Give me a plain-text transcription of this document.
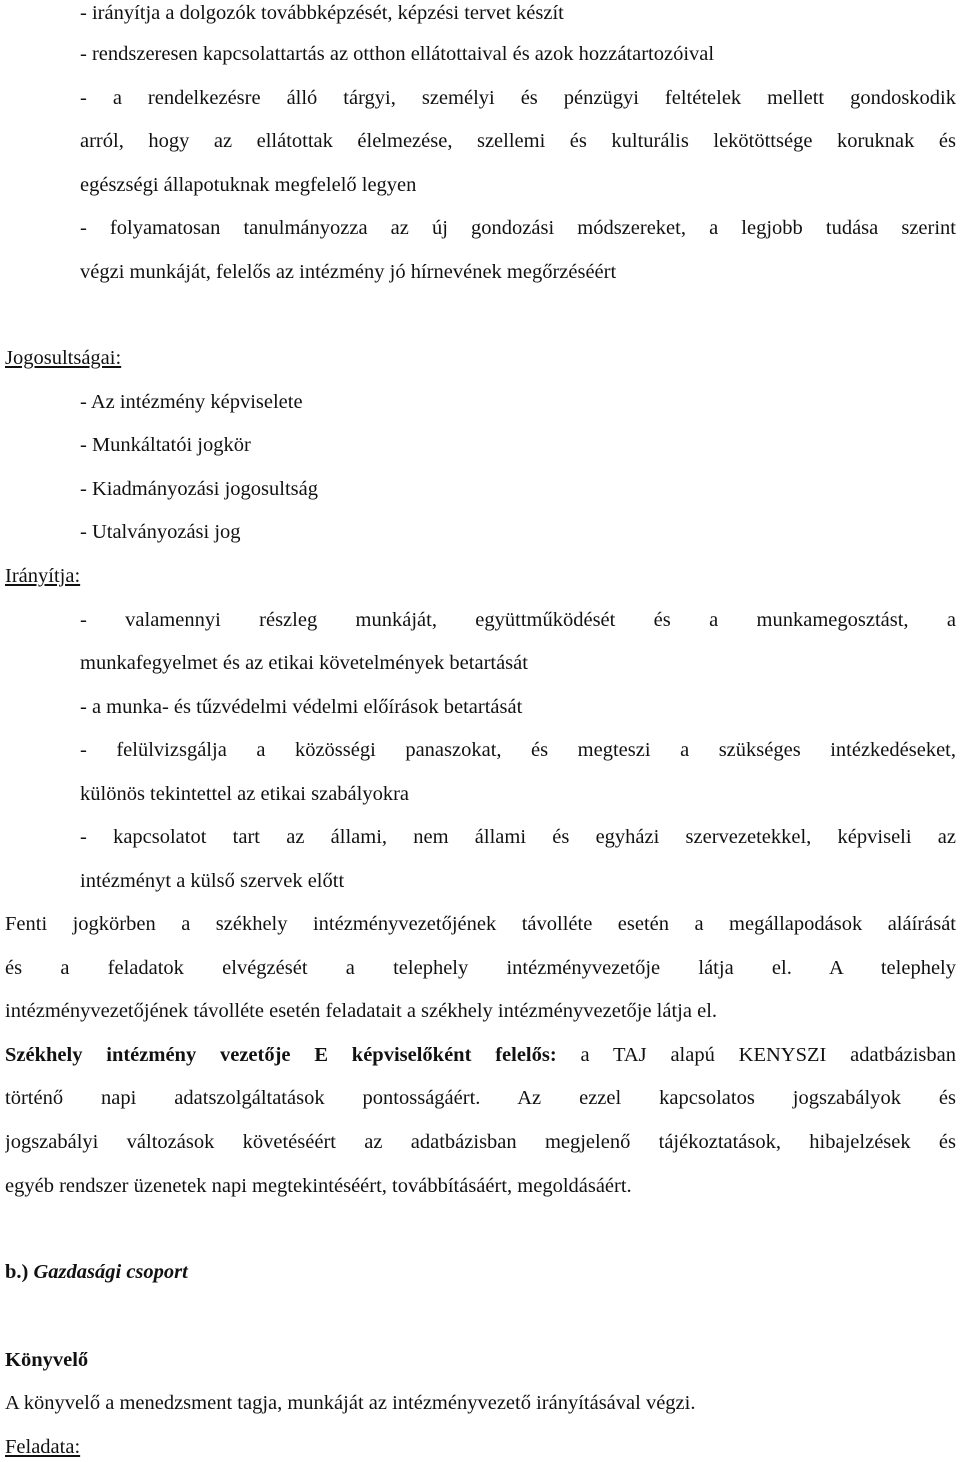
- irányítja a dolgozók továbbképzését, képzési tervet készít
- rendszeresen kapcsolattartás az otthon ellátottaival és azok hozzátartozóival
- a rendelkezésre álló tárgyi, személyi és pénzügyi feltételek mellett gondoskodik
arról, hogy az ellátottak élelmezése, szellemi és kulturális lekötöttsége koruknak és
egészségi állapotuknak megfelelő legyen
- folyamatosan tanulmányozza az új gondozási módszereket, a legjobb tudása szerint
végzi munkáját, felelős az intézmény jó hírnevének megőrzéséért
Jogosultságai:
- Az intézmény képviselete
- Munkáltatói jogkör
- Kiadmányozási jogosultság
- Utalványozási jog
Irányítja:
- valamennyi részleg munkáját, együttműködését és a munkamegosztást, a
munkafegyelmet és az etikai követelmények betartását
- a munka- és tűzvédelmi védelmi előírások betartását
- felülvizsgálja a közösségi panaszokat, és megteszi a szükséges intézkedéseket,
különös tekintettel az etikai szabályokra
- kapcsolatot tart az állami, nem állami és egyházi szervezetekkel, képviseli az
intézményt a külső szervek előtt
Fenti jogkörben a székhely intézményvezetőjének távolléte esetén a megállapodások aláírását
és a feladatok elvégzését a telephely intézményvezetője látja el. A telephely
intézményvezetőjének távolléte esetén feladatait a székhely intézményvezetője látja el.
Székhely intézmény vezetője E képviselőként felelős: a TAJ alapú KENYSZI adatbázisban
történő napi adatszolgáltatások pontosságáért. Az ezzel kapcsolatos jogszabályok és
jogszabályi változások követéséért az adatbázisban megjelenő tájékoztatások, hibajelzések és
egyéb rendszer üzenetek napi megtekintéséért, továbbításáért, megoldásáért.
b.) Gazdasági csoport
Könyvelő
A könyvelő a menedzsment tagja, munkáját az intézményvezető irányításával végzi.
Feladata:
